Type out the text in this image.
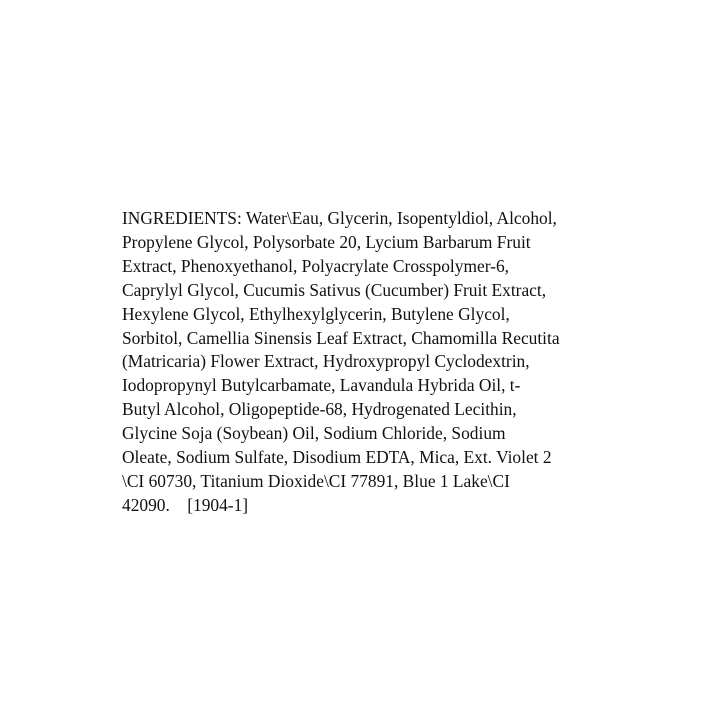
INGREDIENTS: Water\Eau, Glycerin, Isopentyldiol, Alcohol,
Propylene Glycol, Polysorbate 20, Lycium Barbarum Fruit
Extract, Phenoxyethanol, Polyacrylate Crosspolymer-6,
Caprylyl Glycol, Cucumis Sativus (Cucumber) Fruit Extract,
Hexylene Glycol, Ethylhexylglycerin, Butylene Glycol,
Sorbitol, Camellia Sinensis Leaf Extract, Chamomilla Recutita
(Matricaria) Flower Extract, Hydroxypropyl Cyclodextrin,
Iodopropynyl Butylcarbamate, Lavandula Hybrida Oil, t-
Butyl Alcohol, Oligopeptide-68, Hydrogenated Lecithin,
Glycine Soja (Soybean) Oil, Sodium Chloride, Sodium
Oleate, Sodium Sulfate, Disodium EDTA, Mica, Ext. Violet 2
\CI 60730, Titanium Dioxide\CI 77891, Blue 1 Lake\CI
42090.    [1904-1]
